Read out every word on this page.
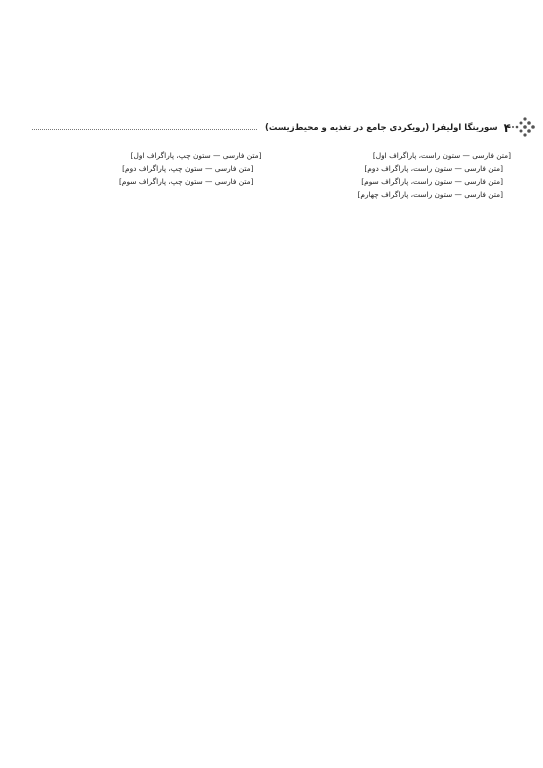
۴
سورینگا اولیفرا (رویکردی جامع در تغذیه و محیط‌زیست)

[متن فارسی — ستون راست، پاراگراف اول]

[متن فارسی — ستون راست، پاراگراف دوم]

[متن فارسی — ستون راست، پاراگراف سوم]

[متن فارسی — ستون راست، پاراگراف چهارم]

[متن فارسی — ستون چپ، پاراگراف اول]

[متن فارسی — ستون چپ، پاراگراف دوم]

[متن فارسی — ستون چپ، پاراگراف سوم]
